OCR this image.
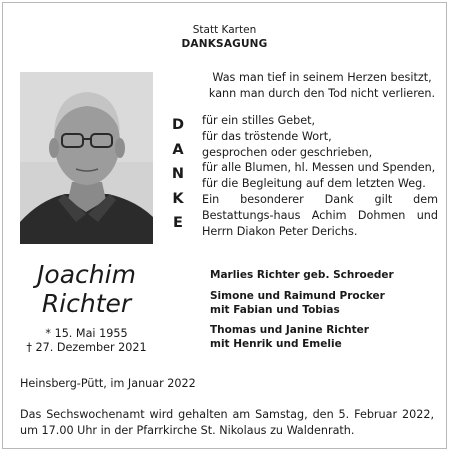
Statt Karten
DANKSAGUNG
Was man tief in seinem Herzen besitzt,
kann man durch den Tod nicht verlieren.
D
A
N
K
E
für ein stilles Gebet,
für das tröstende Wort,
gesprochen oder geschrieben,
für alle Blumen, hl. Messen und Spenden,
für die Begleitung auf dem letzten Weg.
Ein besonderer Dank gilt dem Bestattungs-haus Achim Dohmen und Herrn Diakon Peter Derichs.
Joachim
Richter
* 15. Mai 1955
† 27. Dezember 2021
Marlies Richter geb. Schroeder
Simone und Raimund Procker
mit Fabian und Tobias
Thomas und Janine Richter
mit Henrik und Emelie
Heinsberg-Pütt, im Januar 2022
Das Sechswochenamt wird gehalten am Samstag, den 5. Februar 2022, um 17.00 Uhr in der Pfarrkirche St. Nikolaus zu Waldenrath.
